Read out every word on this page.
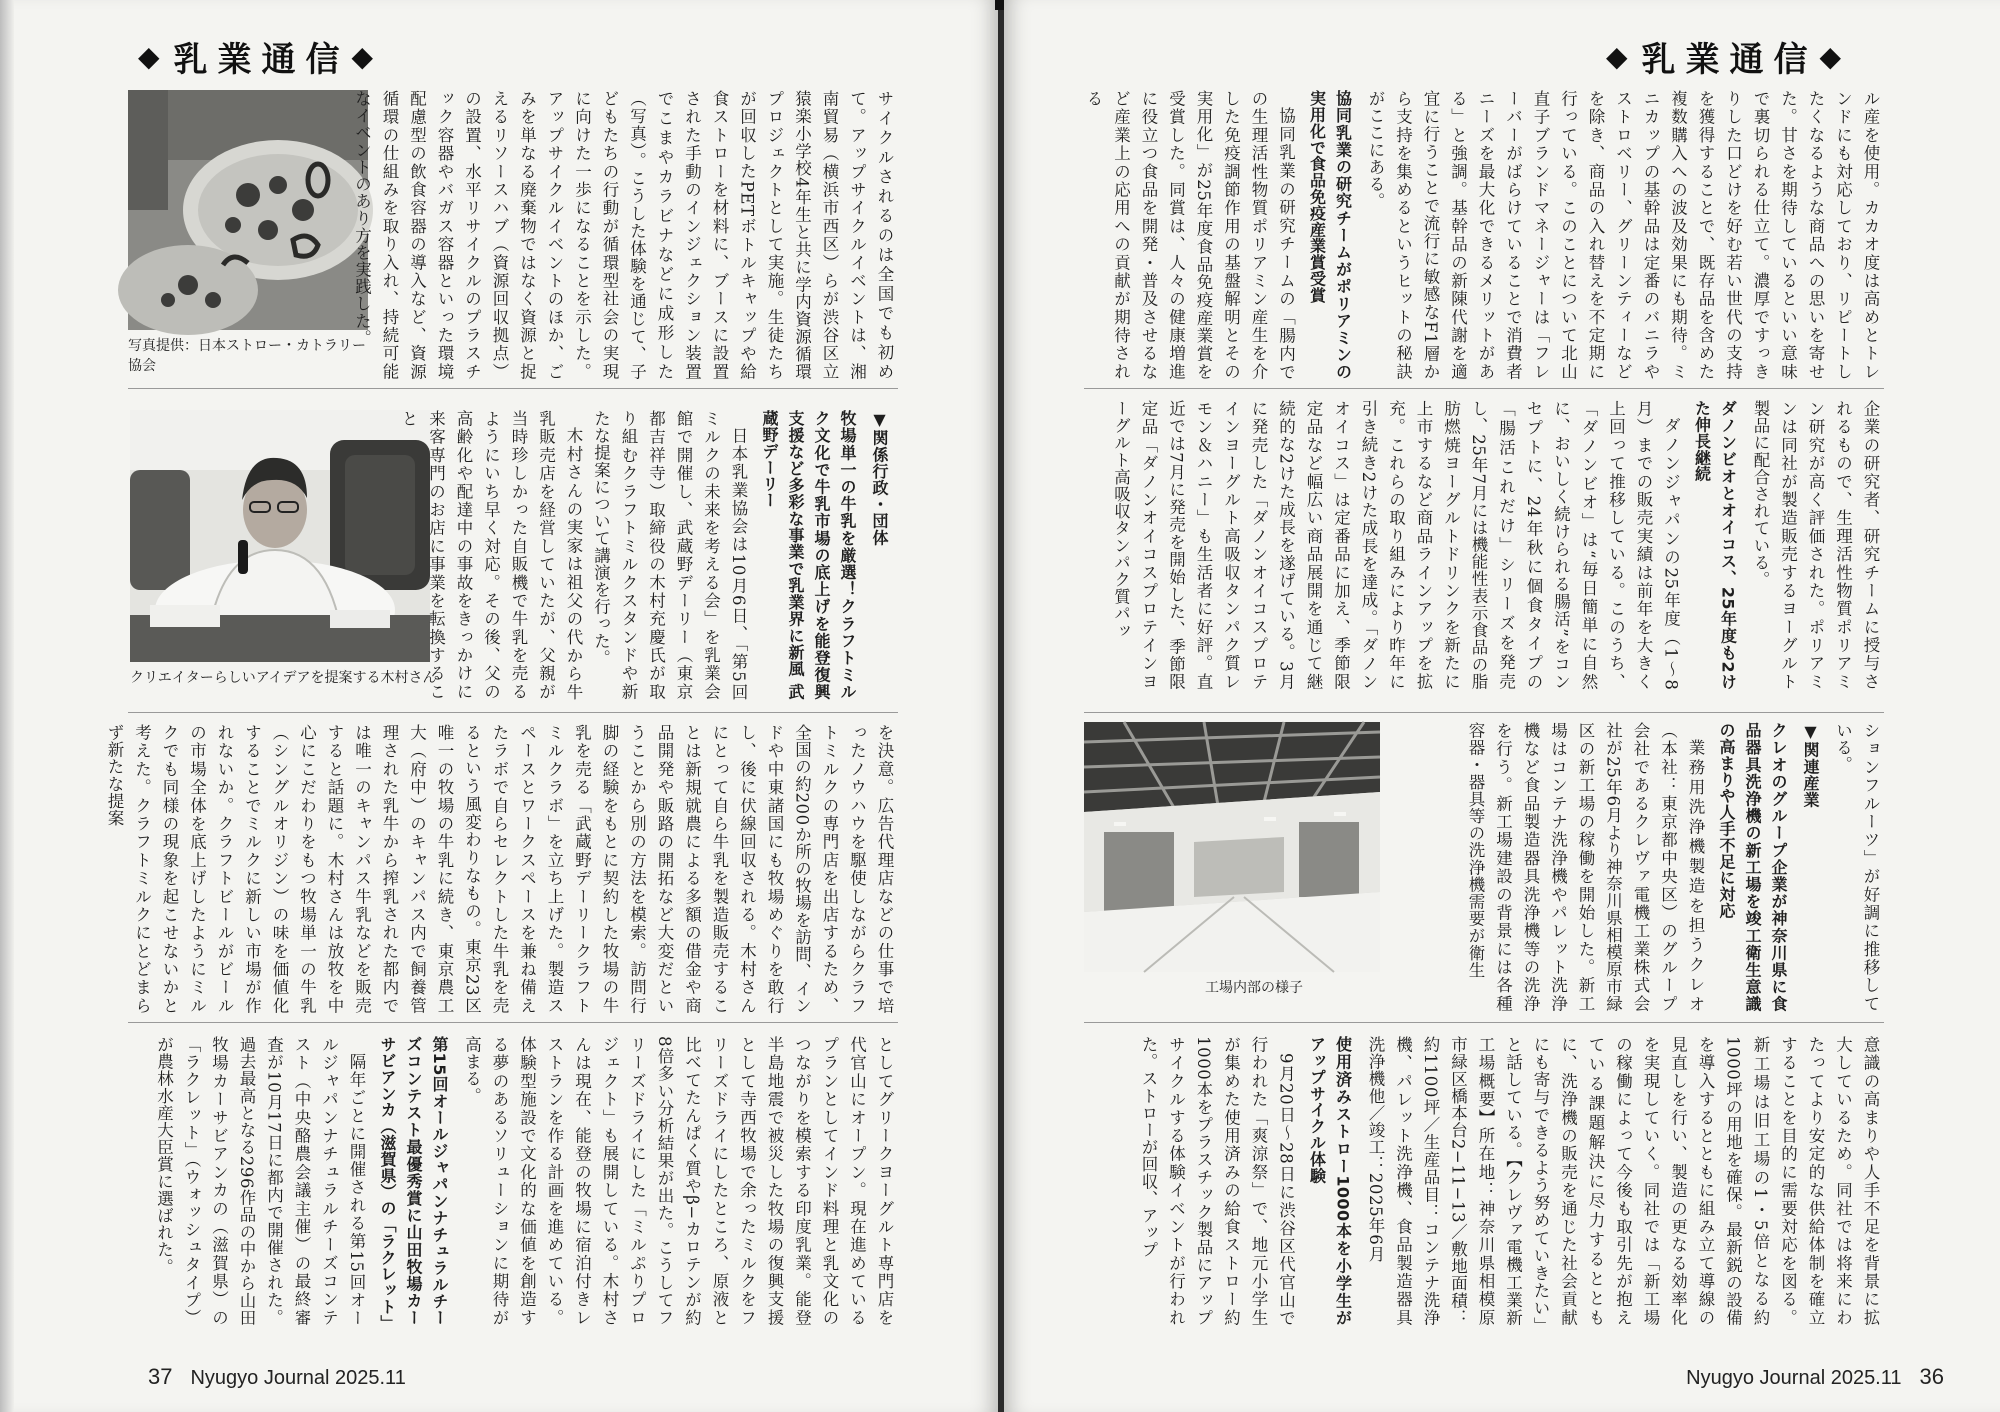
◆ 乳業通信 ◆
写真提供：日本ストロー・カトラリー協会	サイクルされるのは全国でも初めて。アップサイクルイベントは、湘南貿易（横浜市西区）らが渋谷区立猿楽小学校4年生と共に学内資源循環プロジェクトとして実施。生徒たちが回収したPETボトルキャップや給食ストローを材料に、ブースに設置された手動のインジェクション装置でこまやカラビナなどに成形した（写真）。こうした体験を通じて、子どもたちの行動が循環型社会の実現に向けた一歩になることを示した。アップサイクルイベントのほか、ごみを単なる廃棄物ではなく資源と捉えるリソースハブ（資源回収拠点）の設置、水平リサイクルのプラスチック容器やバガス容器といった環境配慮型の飲食容器の導入など、資源循環の仕組みを取り入れ、持続可能なイベントのあり方を実践した。

クリエイターらしいアイデアを提案する木村さん
▼関係行政・団体
牧場単一の牛乳を厳選！クラフトミルク文化で牛乳市場の底上げを能登復興支援など多彩な事業で乳業界に新風 武蔵野デーリー

日本乳業協会は10月6日、「第5回ミルクの未来を考える会」を乳業会館で開催し、武蔵野デーリー（東京都吉祥寺）取締役の木村充慶氏が取り組むクラフトミルクスタンドや新たな提案について講演を行った。

木村さんの実家は祖父の代から牛乳販売店を経営していたが、父親が当時珍しかった自販機で牛乳を売るようにいち早く対応。その後、父の高齢化や配達中の事故をきっかけに来客専門のお店に事業を転換すること

を決意。広告代理店などの仕事で培ったノウハウを駆使しながらクラフトミルクの専門店を出店するため、全国の約200か所の牧場を訪問、インドや中東諸国にも牧場めぐりを敢行し、後に伏線回収される。木村さんにとって自ら牛乳を製造販売することは新規就農による多額の借金や商品開発や販路の開拓など大変だということから別の方法を模索。訪問行脚の経験をもとに契約した牧場の牛乳を売る「武蔵野デーリークラフトミルクラボ」を立ち上げた。製造スペースとワークスペースを兼ね備えたラボで自らセレクトした牛乳を売るという風変わりなもの。東京23区唯一の牧場の牛乳に続き、東京農工大（府中）のキャンパス内で飼養管理された乳牛から搾乳された都内では唯一のキャンパス牛乳などを販売すると話題に。木村さんは放牧を中心にこだわりをもつ牧場単一の牛乳（シングルオリジン）の味を価値化することでミルクに新しい市場が作れないか。クラフトビールがビールの市場全体を底上げしたようにミルクでも同様の現象を起こせないかと考えた。クラフトミルクにとどまらず新たな提案

としてグリークヨーグルト専門店を代官山にオープン。現在進めているプランとしてインド料理と乳文化のつながりを模索する印度乳業。能登半島地震で被災した牧場の復興支援として寺西牧場で余ったミルクをフリーズドライにしたところ、原液と比べてたんぱく質やβ−カロテンが約8倍多い分析結果が出た。こうしてフリーズドライにした「ミルぷりプロジェクト」も展開している。木村さんは現在、能登の牧場に宿泊付きレストランを作る計画を進めている。体験型施設で文化的な価値を創造する夢のあるソリューションに期待が高まる。

第15回オールジャパンナチュラルチーズコンテスト最優秀賞に山田牧場カーサビアンカ（滋賀県）の「ラクレット」

隔年ごとに開催される第15回オールジャパンナチュラルチーズコンテスト（中央酪農会議主催）の最終審査が10月17日に都内で開催された。過去最高となる296作品の中から山田牧場カーサビアンカの（滋賀県）の「ラクレット」（ウォッシュタイプ）が農林水産大臣賞に選ばれた。

37 Nyugyo Journal 2025.11
◆ 乳業通信 ◆

ル産を使用。カカオ度は高めとトレンドにも対応しており、リピートしたくなるような商品への思いを寄せた。甘さを期待しているといい意味で裏切られる仕立て。濃厚ですっきりした口どけを好む若い世代の支持を獲得することで、既存品を含めた複数購入への波及効果にも期待。ミニカップの基幹品は定番のバニラやストロベリー、グリーンティーなどを除き、商品の入れ替えを不定期に行っている。このことについて北山直子ブランドマネージャーは「フレーバーがばらけていることで消費者ニーズを最大化できるメリットがある」と強調。基幹品の新陳代謝を適宜に行うことで流行に敏感なF1層から支持を集めるというヒットの秘訣がここにある。

協同乳業の研究チームがポリアミンの実用化で食品免疫産業賞受賞

協同乳業の研究チームの「腸内での生理活性物質ポリアミン産生を介した免疫調節作用の基盤解明とその実用化」が25年度食品免疫産業賞を受賞した。同賞は、人々の健康増進に役立つ食品を開発・普及させるなど産業上の応用への貢献が期待される

企業の研究者、研究チームに授与されるもので、生理活性物質ポリアミン研究が高く評価された。ポリアミンは同社が製造販売するヨーグルト製品に配合されている。

ダノンビオとオイコス、25年度も2けた伸長継続

ダノンジャパンの25年度（1〜8月）までの販売実績は前年を大きく上回って推移している。このうち、「ダノンビオ」は“毎日簡単に自然に、おいしく続けられる腸活”をコンセプトに、24年秋に個食タイプの「腸活これだけ」シリーズを発売し、25年7月には機能性表示食品の脂肪燃焼ヨーグルトドリンクを新たに上市するなど商品ラインアップを拡充。これらの取り組みにより昨年に引き続き2けた成長を達成。「ダノンオイコス」は定番品に加え、季節限定品など幅広い商品展開を通じて継続的な2けた成長を遂げている。3月に発売した「ダノンオイコスプロテインヨーグルト高吸収タンパク質レモン＆ハニー」も生活者に好評。直近では7月に発売を開始した、季節限定品「ダノンオイコスプロテインヨーグルト高吸収タンパク質パッ

工場内部の様子	ションフルーツ」が好調に推移している。

▼関連産業
クレオのグループ企業が神奈川県に食品器具洗浄機の新工場を竣工衛生意識の高まりや人手不足に対応

業務用洗浄機製造を担うクレオ（本社：東京都中央区）のグループ会社であるクレヴァ電機工業株式会社が25年6月より神奈川県相模原市緑区の新工場の稼働を開始した。新工場はコンテナ洗浄機やパレット洗浄機など食品製造器具洗浄機等の洗浄を行う。新工場建設の背景には各種容器・器具等の洗浄機需要が衛生

意識の高まりや人手不足を背景に拡大しているため。同社では将来にわたってより安定的な供給体制を確立することを目的に需要対応を図る。新工場は旧工場の1・5倍となる約1000坪の用地を確保。最新鋭の設備を導入するとともに組み立て導線の見直しを行い、製造の更なる効率化を実現していく。同社では「新工場の稼働によって今後も取引先が抱えている課題解決に尽力するとともに、洗浄機の販売を通じた社会貢献にも寄与できるよう努めていきたい」と話している。【クレヴァ電機工業新工場概要】所在地：神奈川県相模原市緑区橋本台2−11−13／敷地面積：約1100坪／生産品目：コンテナ洗浄機、パレット洗浄機、食品製造器具洗浄機他／竣工：2025年6月

使用済みストロー1000本を小学生がアップサイクル体験

9月20日〜28日に渋谷区代官山で行われた「爽涼祭」で、地元小学生が集めた使用済みの給食ストロー約1000本をプラスチック製品にアップサイクルする体験イベントが行われた。ストローが回収、アップ

Nyugyo Journal 2025.11 36
